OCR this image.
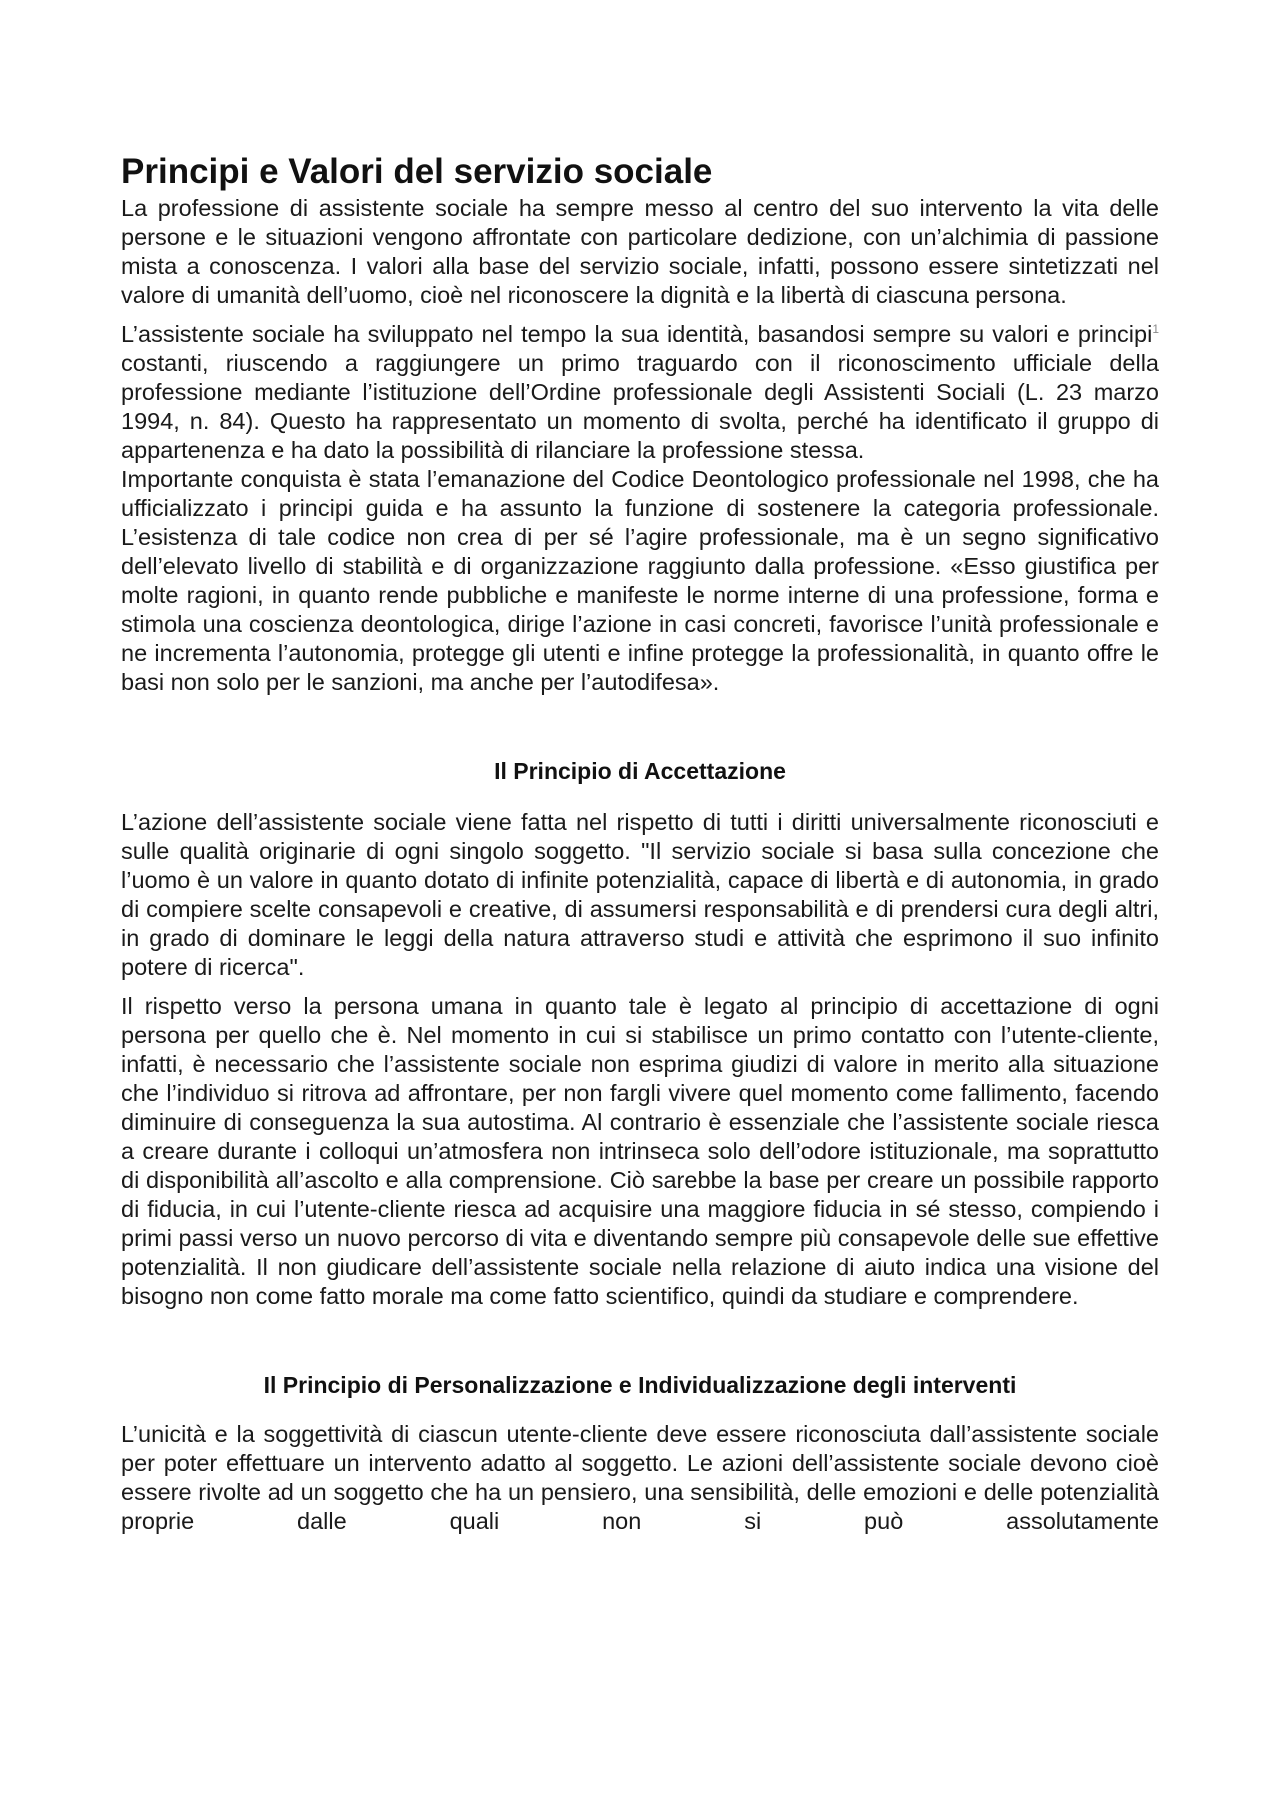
Principi e Valori del servizio sociale

La professione di assistente sociale ha sempre messo al centro del suo intervento la vita delle persone e le situazioni vengono affrontate con particolare dedizione, con un’alchimia di passione mista a conoscenza. I valori alla base del servizio sociale, infatti, possono essere sintetizzati nel valore di umanità dell’uomo, cioè nel riconoscere la dignità e la libertà di ciascuna persona.

L’assistente sociale ha sviluppato nel tempo la sua identità, basandosi sempre su valori e principi$^1$ costanti, riuscendo a raggiungere un primo traguardo con il riconoscimento ufficiale della professione mediante l’istituzione dell’Ordine professionale degli Assistenti Sociali (L. 23 marzo 1994, n. 84). Questo ha rappresentato un momento di svolta, perché ha identificato il gruppo di appartenenza e ha dato la possibilità di rilanciare la professione stessa.

Importante conquista è stata l’emanazione del Codice Deontologico professionale nel 1998, che ha ufficializzato i principi guida e ha assunto la funzione di sostenere la categoria professionale. L’esistenza di tale codice non crea di per sé l’agire professionale, ma è un segno significativo dell’elevato livello di stabilità e di organizzazione raggiunto dalla professione. «Esso giustifica per molte ragioni, in quanto rende pubbliche e manifeste le norme interne di una professione, forma e stimola una coscienza deontologica, dirige l’azione in casi concreti, favorisce l’unità professionale e ne incrementa l’autonomia, protegge gli utenti e infine protegge la professionalità, in quanto offre le basi non solo per le sanzioni, ma anche per l’autodifesa».

Il Principio di Accettazione

L’azione dell’assistente sociale viene fatta nel rispetto di tutti i diritti universalmente riconosciuti e sulle qualità originarie di ogni singolo soggetto. "Il servizio sociale si basa sulla concezione che l’uomo è un valore in quanto dotato di infinite potenzialità, capace di libertà e di autonomia, in grado di compiere scelte consapevoli e creative, di assumersi responsabilità e di prendersi cura degli altri, in grado di dominare le leggi della natura attraverso studi e attività che esprimono il suo infinito potere di ricerca".

Il rispetto verso la persona umana in quanto tale è legato al principio di accettazione di ogni persona per quello che è. Nel momento in cui si stabilisce un primo contatto con l’utente-cliente, infatti, è necessario che l’assistente sociale non esprima giudizi di valore in merito alla situazione che l’individuo si ritrova ad affrontare, per non fargli vivere quel momento come fallimento, facendo diminuire di conseguenza la sua autostima. Al contrario è essenziale che l’assistente sociale riesca a creare durante i colloqui un’atmosfera non intrinseca solo dell’odore istituzionale, ma soprattutto di disponibilità all’ascolto e alla comprensione. Ciò sarebbe la base per creare un possibile rapporto di fiducia, in cui l’utente-cliente riesca ad acquisire una maggiore fiducia in sé stesso, compiendo i primi passi verso un nuovo percorso di vita e diventando sempre più consapevole delle sue effettive potenzialità. Il non giudicare dell’assistente sociale nella relazione di aiuto indica una visione del bisogno non come fatto morale ma come fatto scientifico, quindi da studiare e comprendere.

Il Principio di Personalizzazione e Individualizzazione degli interventi

L’unicità e la soggettività di ciascun utente-cliente deve essere riconosciuta dall’assistente sociale per poter effettuare un intervento adatto al soggetto. Le azioni dell’assistente sociale devono cioè essere rivolte ad un soggetto che ha un pensiero, una sensibilità, delle emozioni e delle potenzialità proprie dalle quali non si può assolutamente
